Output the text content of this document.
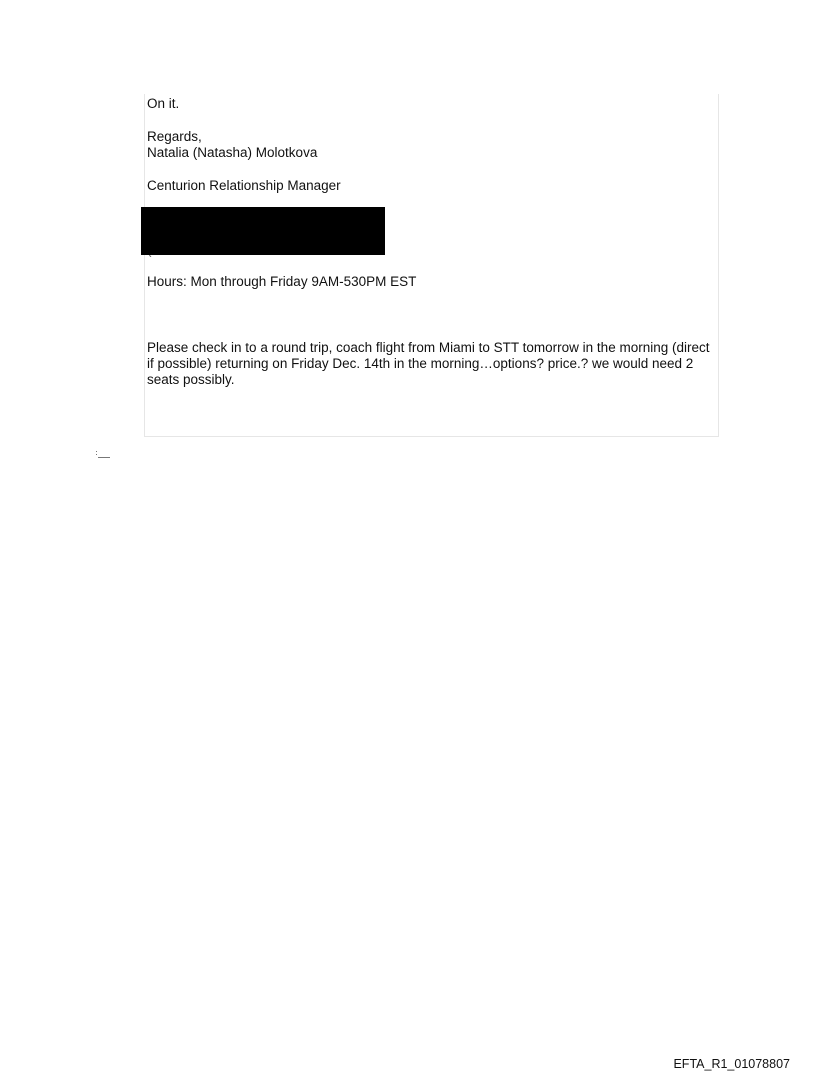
On it.
Regards,
Natalia (Natasha) Molotkova
Centurion Relationship Manager
Hours: Mon through Friday 9AM-530PM EST
Please check in to a round trip, coach flight from Miami to STT tomorrow in the morning (direct if possible) returning on Friday Dec. 14th in the morning…options? price.? we would need 2 seats possibly.
EFTA_R1_01078807
